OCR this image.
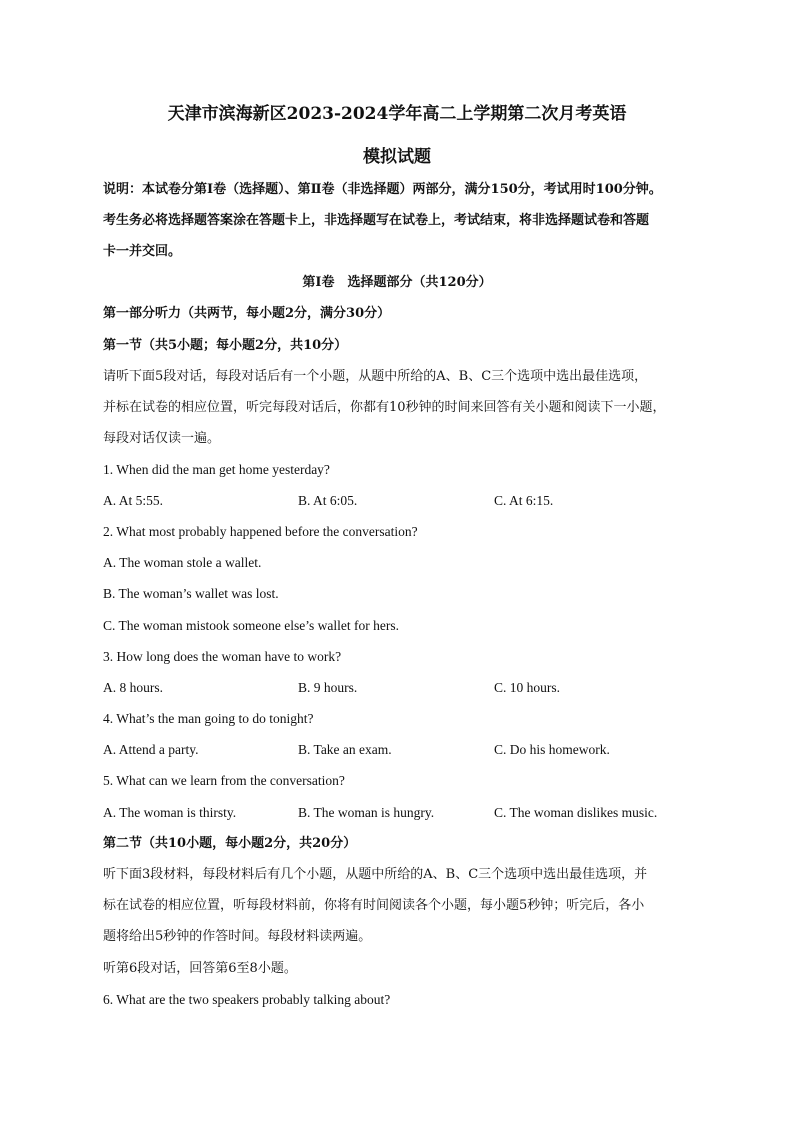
天津市滨海新区2023-2024学年高二上学期第二次月考英语
模拟试题
说明：本试卷分第Ⅰ卷（选择题）、第Ⅱ卷（非选择题）两部分，满分150分，考试用时100分钟。
考生务必将选择题答案涂在答题卡上，非选择题写在试卷上，考试结束，将非选择题试卷和答题
卡一并交回。
第Ⅰ卷　选择题部分（共120分）
第一部分听力（共两节，每小题2分，满分30分）
第一节（共5小题；每小题2分，共10分）
请听下面5段对话，每段对话后有一个小题，从题中所给的A、B、C三个选项中选出最佳选项，
并标在试卷的相应位置，听完每段对话后，你都有10秒钟的时间来回答有关小题和阅读下一小题，
每段对话仅读一遍。
1. When did the man get home yesterday?
A. At 5:55.	B. At 6:05.	C. At 6:15.
2. What most probably happened before the conversation?
A. The woman stole a wallet.
B. The woman’s wallet was lost.
C. The woman mistook someone else’s wallet for hers.
3. How long does the woman have to work?
A. 8 hours.	B. 9 hours.	C. 10 hours.
4. What’s the man going to do tonight?
A. Attend a party.	B. Take an exam.	C. Do his homework.
5. What can we learn from the conversation?
A. The woman is thirsty.	B. The woman is hungry.	C. The woman dislikes music.
第二节（共10小题，每小题2分，共20分）
听下面3段材料，每段材料后有几个小题，从题中所给的A、B、C三个选项中选出最佳选项，并
标在试卷的相应位置，听每段材料前，你将有时间阅读各个小题，每小题5秒钟；听完后，各小
题将给出5秒钟的作答时间。每段材料读两遍。
听第6段对话，回答第6至8小题。
6. What are the two speakers probably talking about?
